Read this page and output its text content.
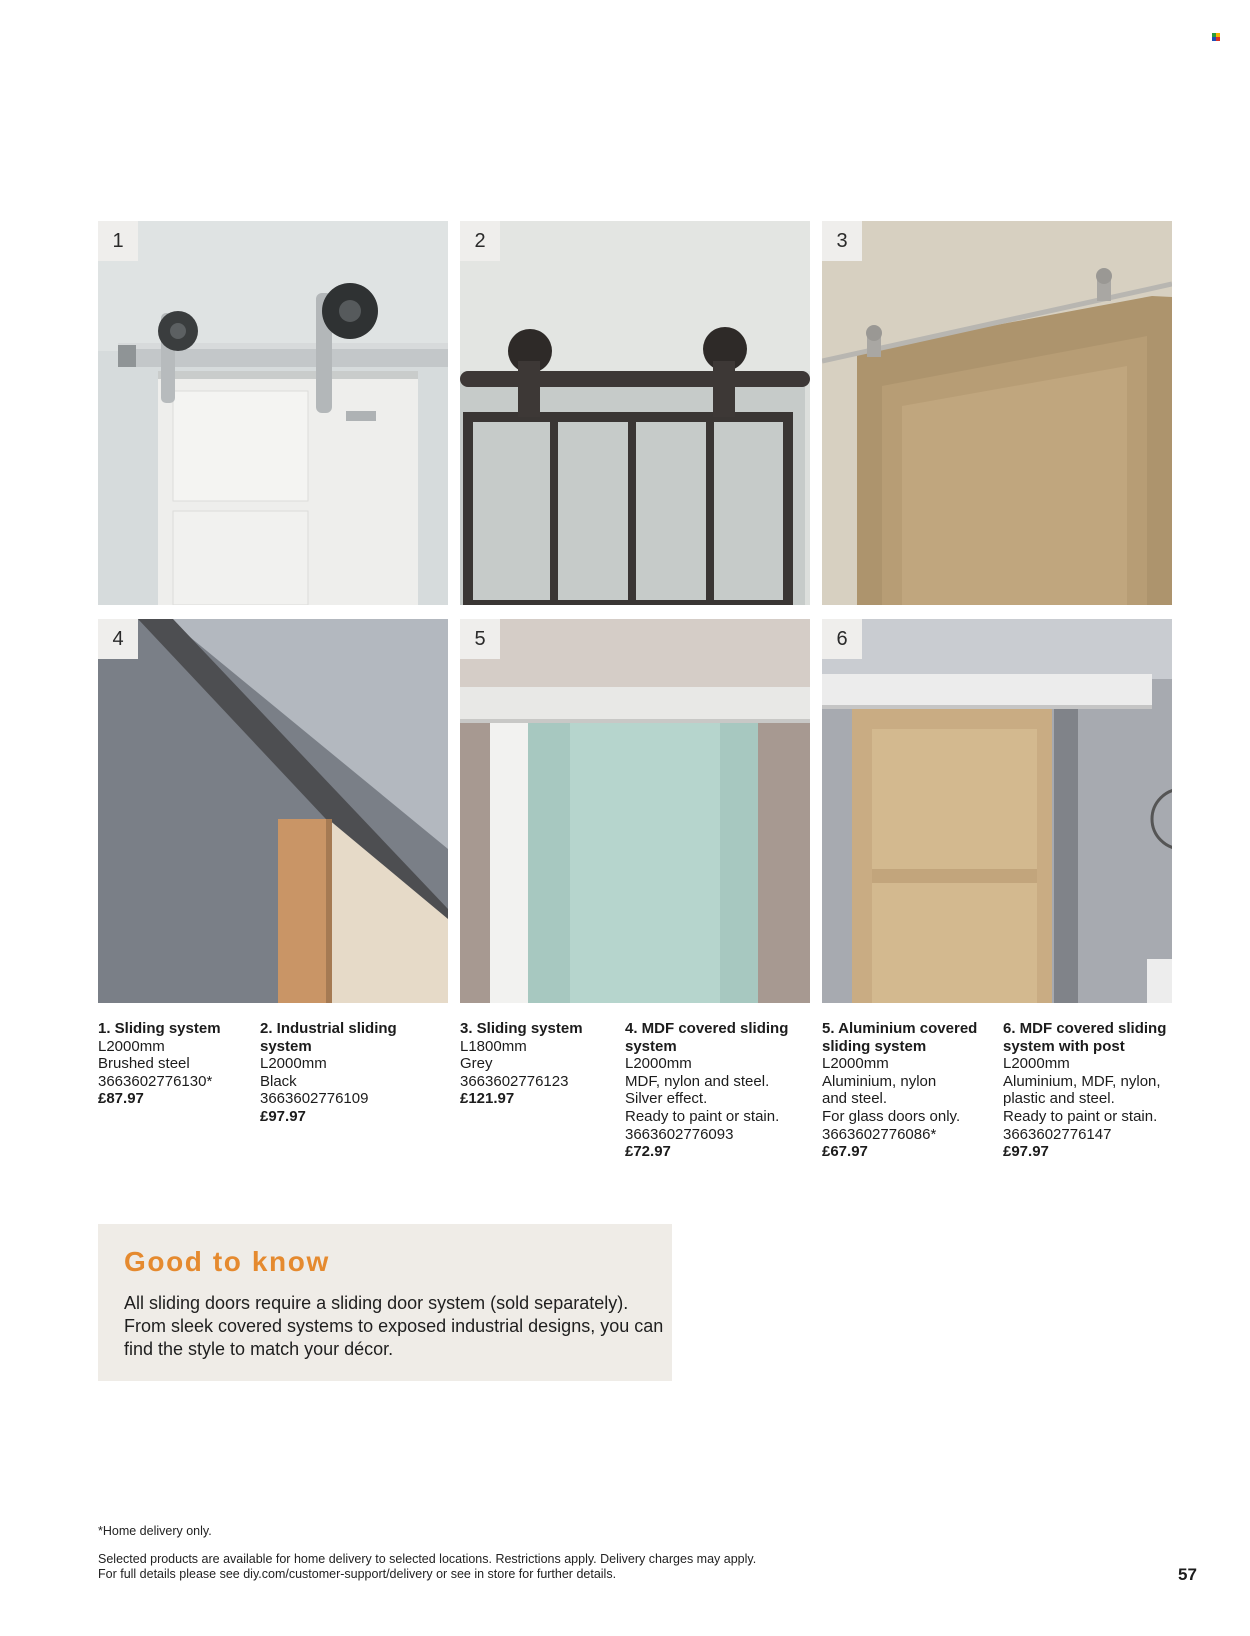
1	2	3
4	5	6
1. Sliding system
L2000mm
Brushed steel
3663602776130*
£87.97
2. Industrial sliding system
L2000mm
Black
3663602776109
£97.97
3. Sliding system
L1800mm
Grey
3663602776123
£121.97
4. MDF covered sliding system
L2000mm
MDF, nylon and steel.
Silver effect.
Ready to paint or stain.
3663602776093
£72.97
5. Aluminium covered sliding system
L2000mm
Aluminium, nylon and steel.
For glass doors only.
3663602776086*
£67.97
6. MDF covered sliding system with post
L2000mm
Aluminium, MDF, nylon, plastic and steel.
Ready to paint or stain.
3663602776147
£97.97
Good to know

All sliding doors require a sliding door system (sold separately). From sleek covered systems to exposed industrial designs, you can find the style to match your décor.

*Home delivery only.
Selected products are available for home delivery to selected locations. Restrictions apply. Delivery charges may apply.
For full details please see diy.com/customer-support/delivery or see in store for further details.	57
